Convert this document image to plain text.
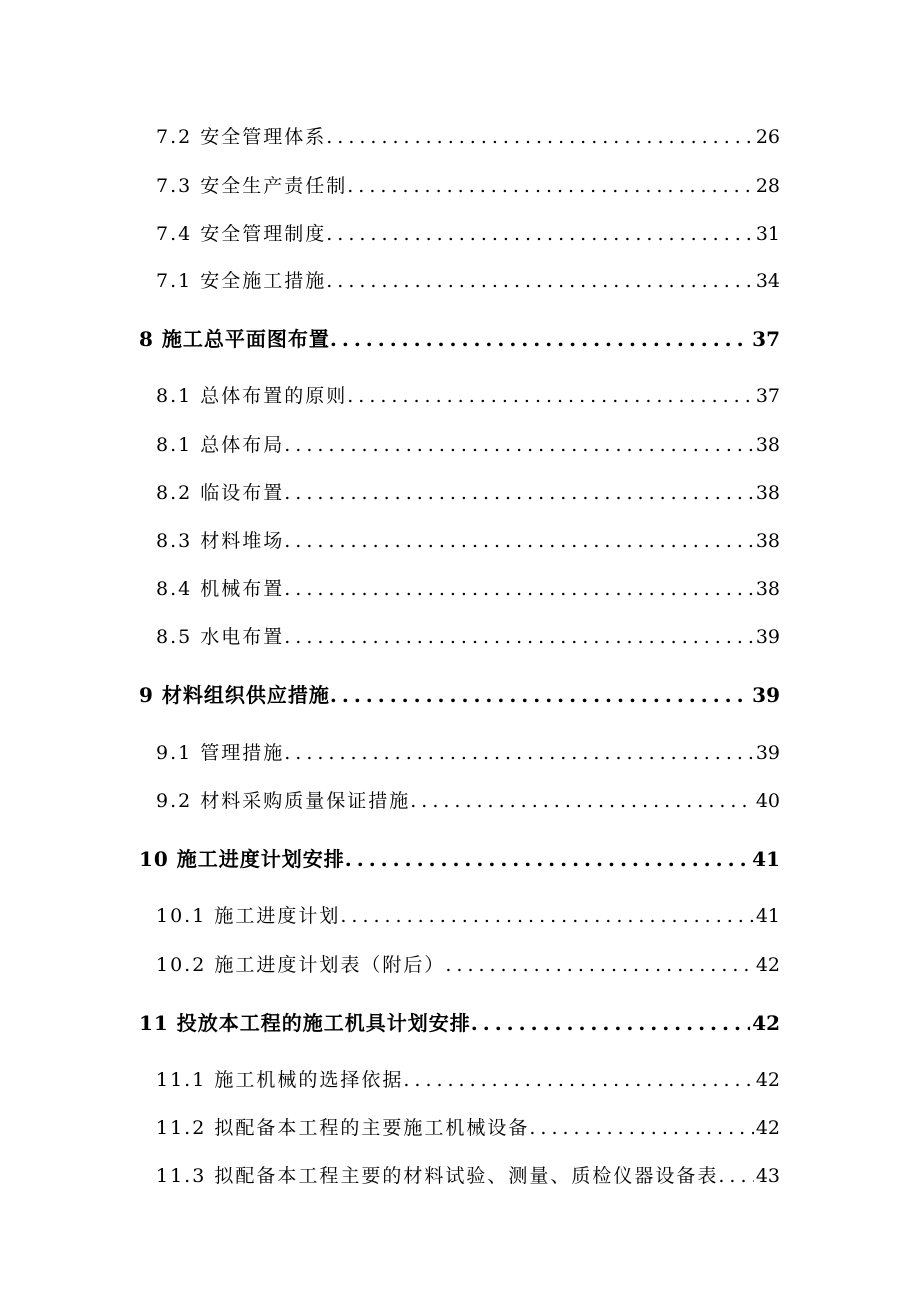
7.2 安全管理体系 .....	26
7.3 安全生产责任制 .....	28
7.4 安全管理制度 .....	31
7.1 安全施工措施 .....	34
8 施工总平面图布置 .....	37
8.1 总体布置的原则 .....	37
8.1 总体布局 .....	38
8.2 临设布置 .....	38
8.3 材料堆场 .....	38
8.4 机械布置 .....	38
8.5 水电布置 .....	39
9 材料组织供应措施 .....	39
9.1 管理措施 .....	39
9.2 材料采购质量保证措施 .....	40
10 施工进度计划安排 .....	41
10.1 施工进度计划 .....	41
10.2 施工进度计划表（附后） .....	42
11 投放本工程的施工机具计划安排 .....	42
11.1 施工机械的选择依据 .....	42
11.2 拟配备本工程的主要施工机械设备 .....	42
11.3 拟配备本工程主要的材料试验、测量、质检仪器设备表 ..... 43
